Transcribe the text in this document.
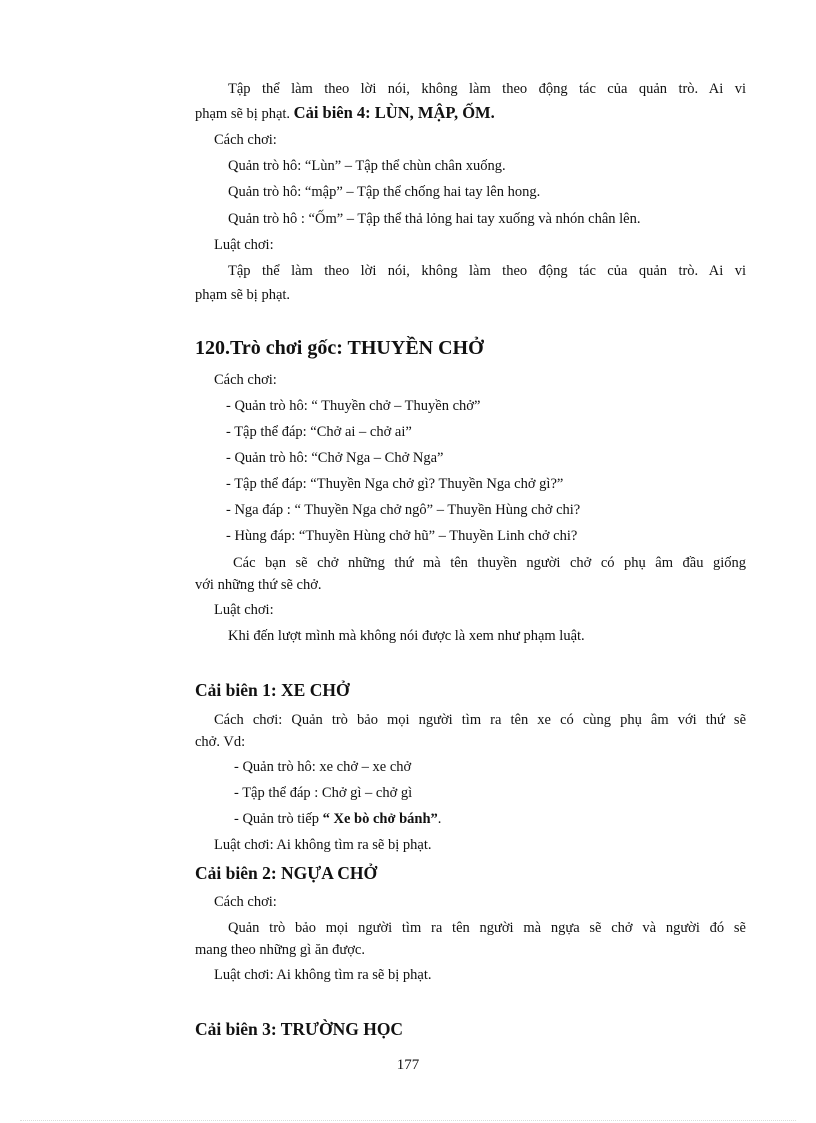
Tập thể làm theo lời nói, không làm theo động tác của quản trò. Ai vi
phạm sẽ bị phạt. Cải biên 4: LÙN, MẬP, ỐM.
Cách chơi:
Quản trò hô: “Lùn” – Tập thể chùn chân xuống.
Quản trò hô: “mập” – Tập thể chống hai tay lên hong.
Quản trò hô : “Ốm” – Tập thể thả lỏng hai tay xuống và nhón chân lên.
Luật chơi:
Tập thể làm theo lời nói, không làm theo động tác của quản trò. Ai vi
phạm sẽ bị phạt.
120.Trò chơi gốc: THUYỀN CHỞ
Cách chơi:
- Quản trò hô: “ Thuyền chở – Thuyền chở”
- Tập thể đáp: “Chở ai – chở ai”
- Quản trò hô: “Chở Nga – Chở Nga”
- Tập thể đáp: “Thuyền Nga chở gì? Thuyền Nga chở gì?”
- Nga đáp : “ Thuyền Nga chở ngô” – Thuyền Hùng chở chi?
- Hùng đáp: “Thuyền Hùng chở hũ” – Thuyền Linh chở chi?
Các bạn sẽ chở những thứ mà tên thuyền người chở có phụ âm đầu giống
với những thứ sẽ chở.
Luật chơi:
Khi đến lượt mình mà không nói được là xem như phạm luật.
Cải biên 1: XE CHỞ
Cách chơi: Quản trò bảo mọi người tìm ra tên xe có cùng phụ âm với thứ sẽ
chở. Vd:
- Quản trò hô: xe chở – xe chở
- Tập thể đáp : Chở gì – chở gì
- Quản trò tiếp “ Xe bò chở bánh”.
Luật chơi: Ai không tìm ra sẽ bị phạt.
Cải biên 2: NGỰA CHỞ
Cách chơi:
Quản trò bảo mọi người tìm ra tên người mà ngựa sẽ chở và người đó sẽ
mang theo những gì ăn được.
Luật chơi: Ai không tìm ra sẽ bị phạt.
Cải biên 3: TRƯỜNG HỌC
177
